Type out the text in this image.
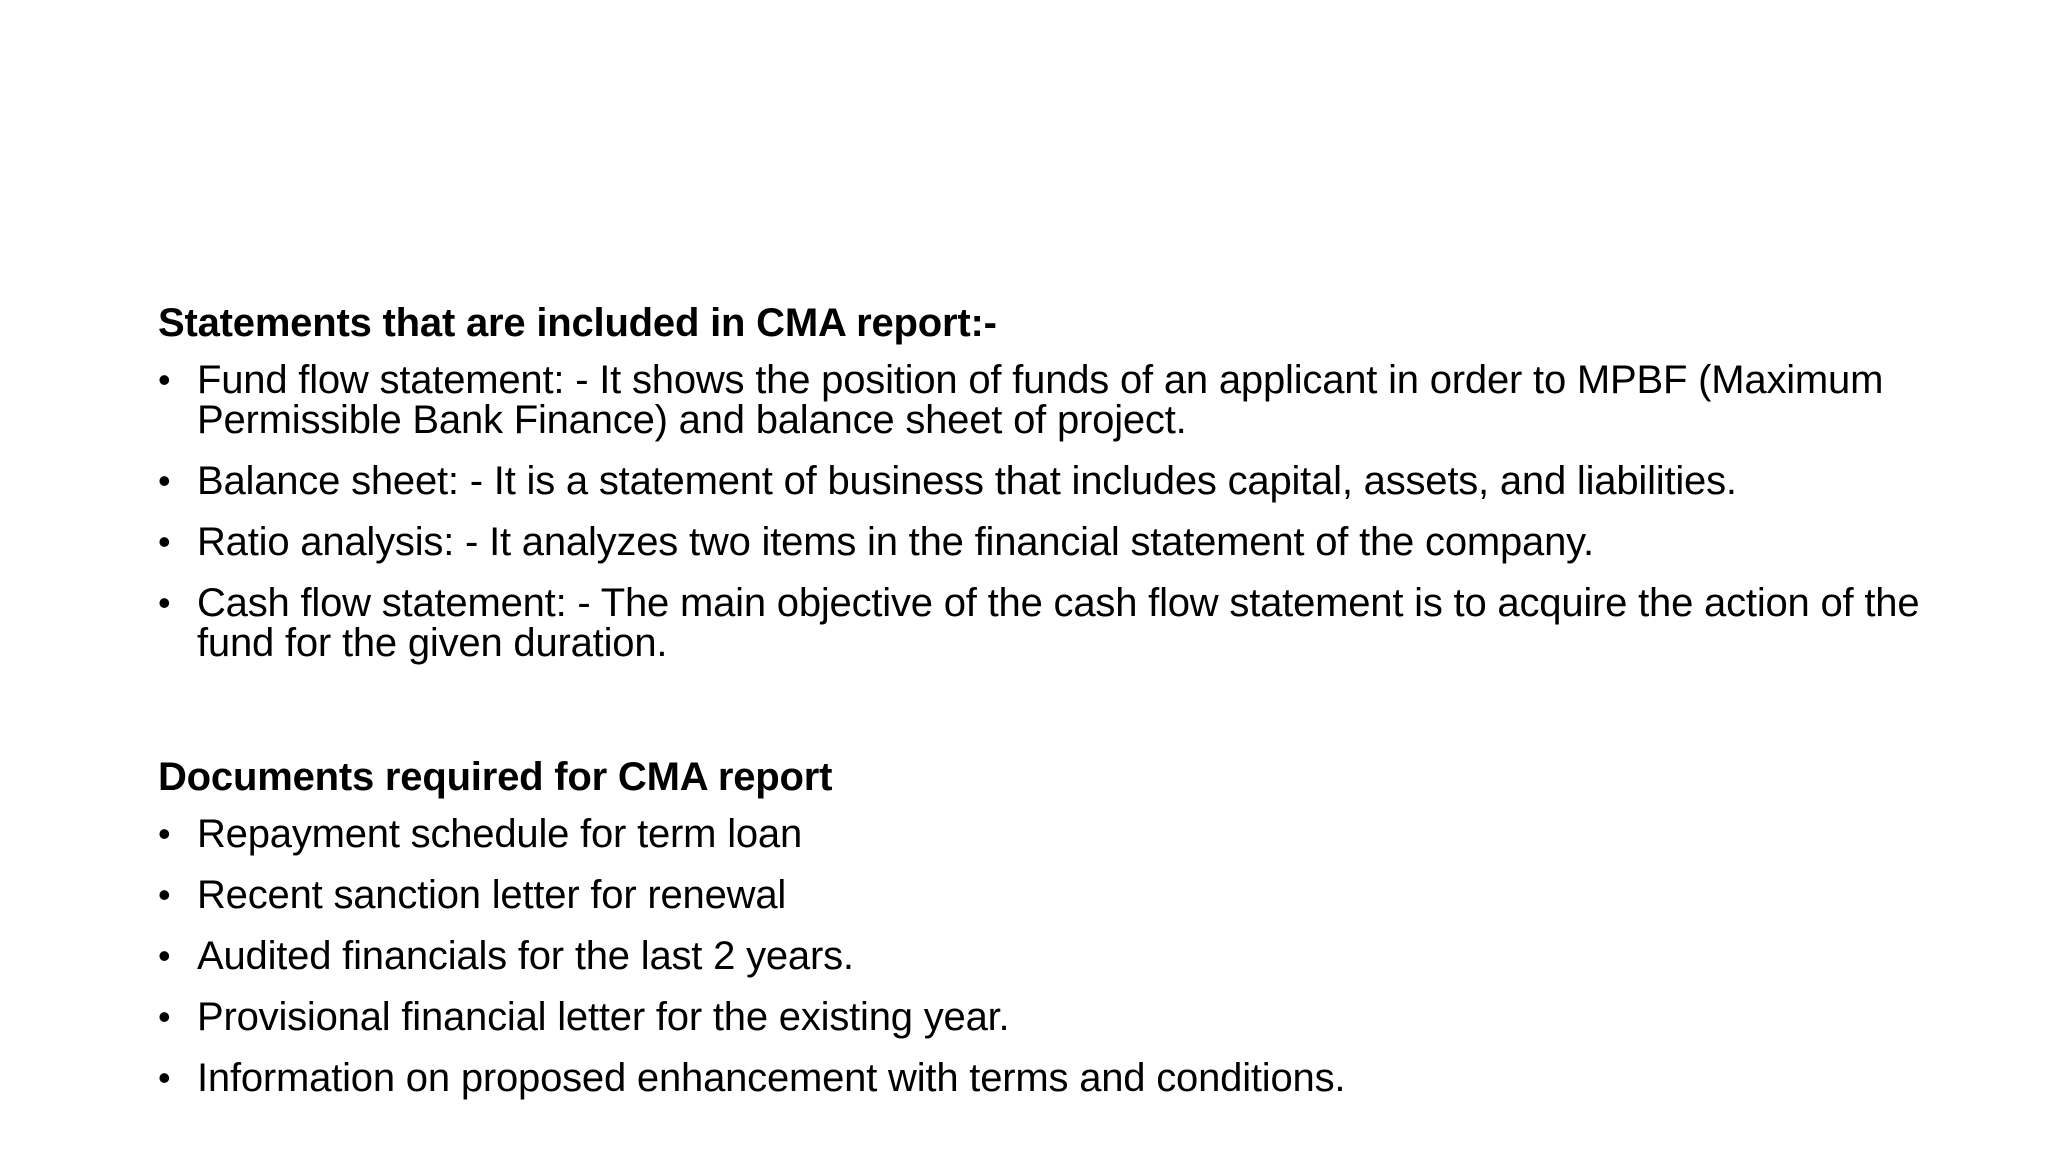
Statements that are included in CMA report:-
• Fund flow statement: - It shows the position of funds of an applicant in order to MPBF (Maximum Permissible Bank Finance) and balance sheet of project.
• Balance sheet: - It is a statement of business that includes capital, assets, and liabilities.
• Ratio analysis: - It analyzes two items in the financial statement of the company.
• Cash flow statement: - The main objective of the cash flow statement is to acquire the action of the fund for the given duration.
Documents required for CMA report
• Repayment schedule for term loan
• Recent sanction letter for renewal
• Audited financials for the last 2 years.
• Provisional financial letter for the existing year.
• Information on proposed enhancement with terms and conditions.
